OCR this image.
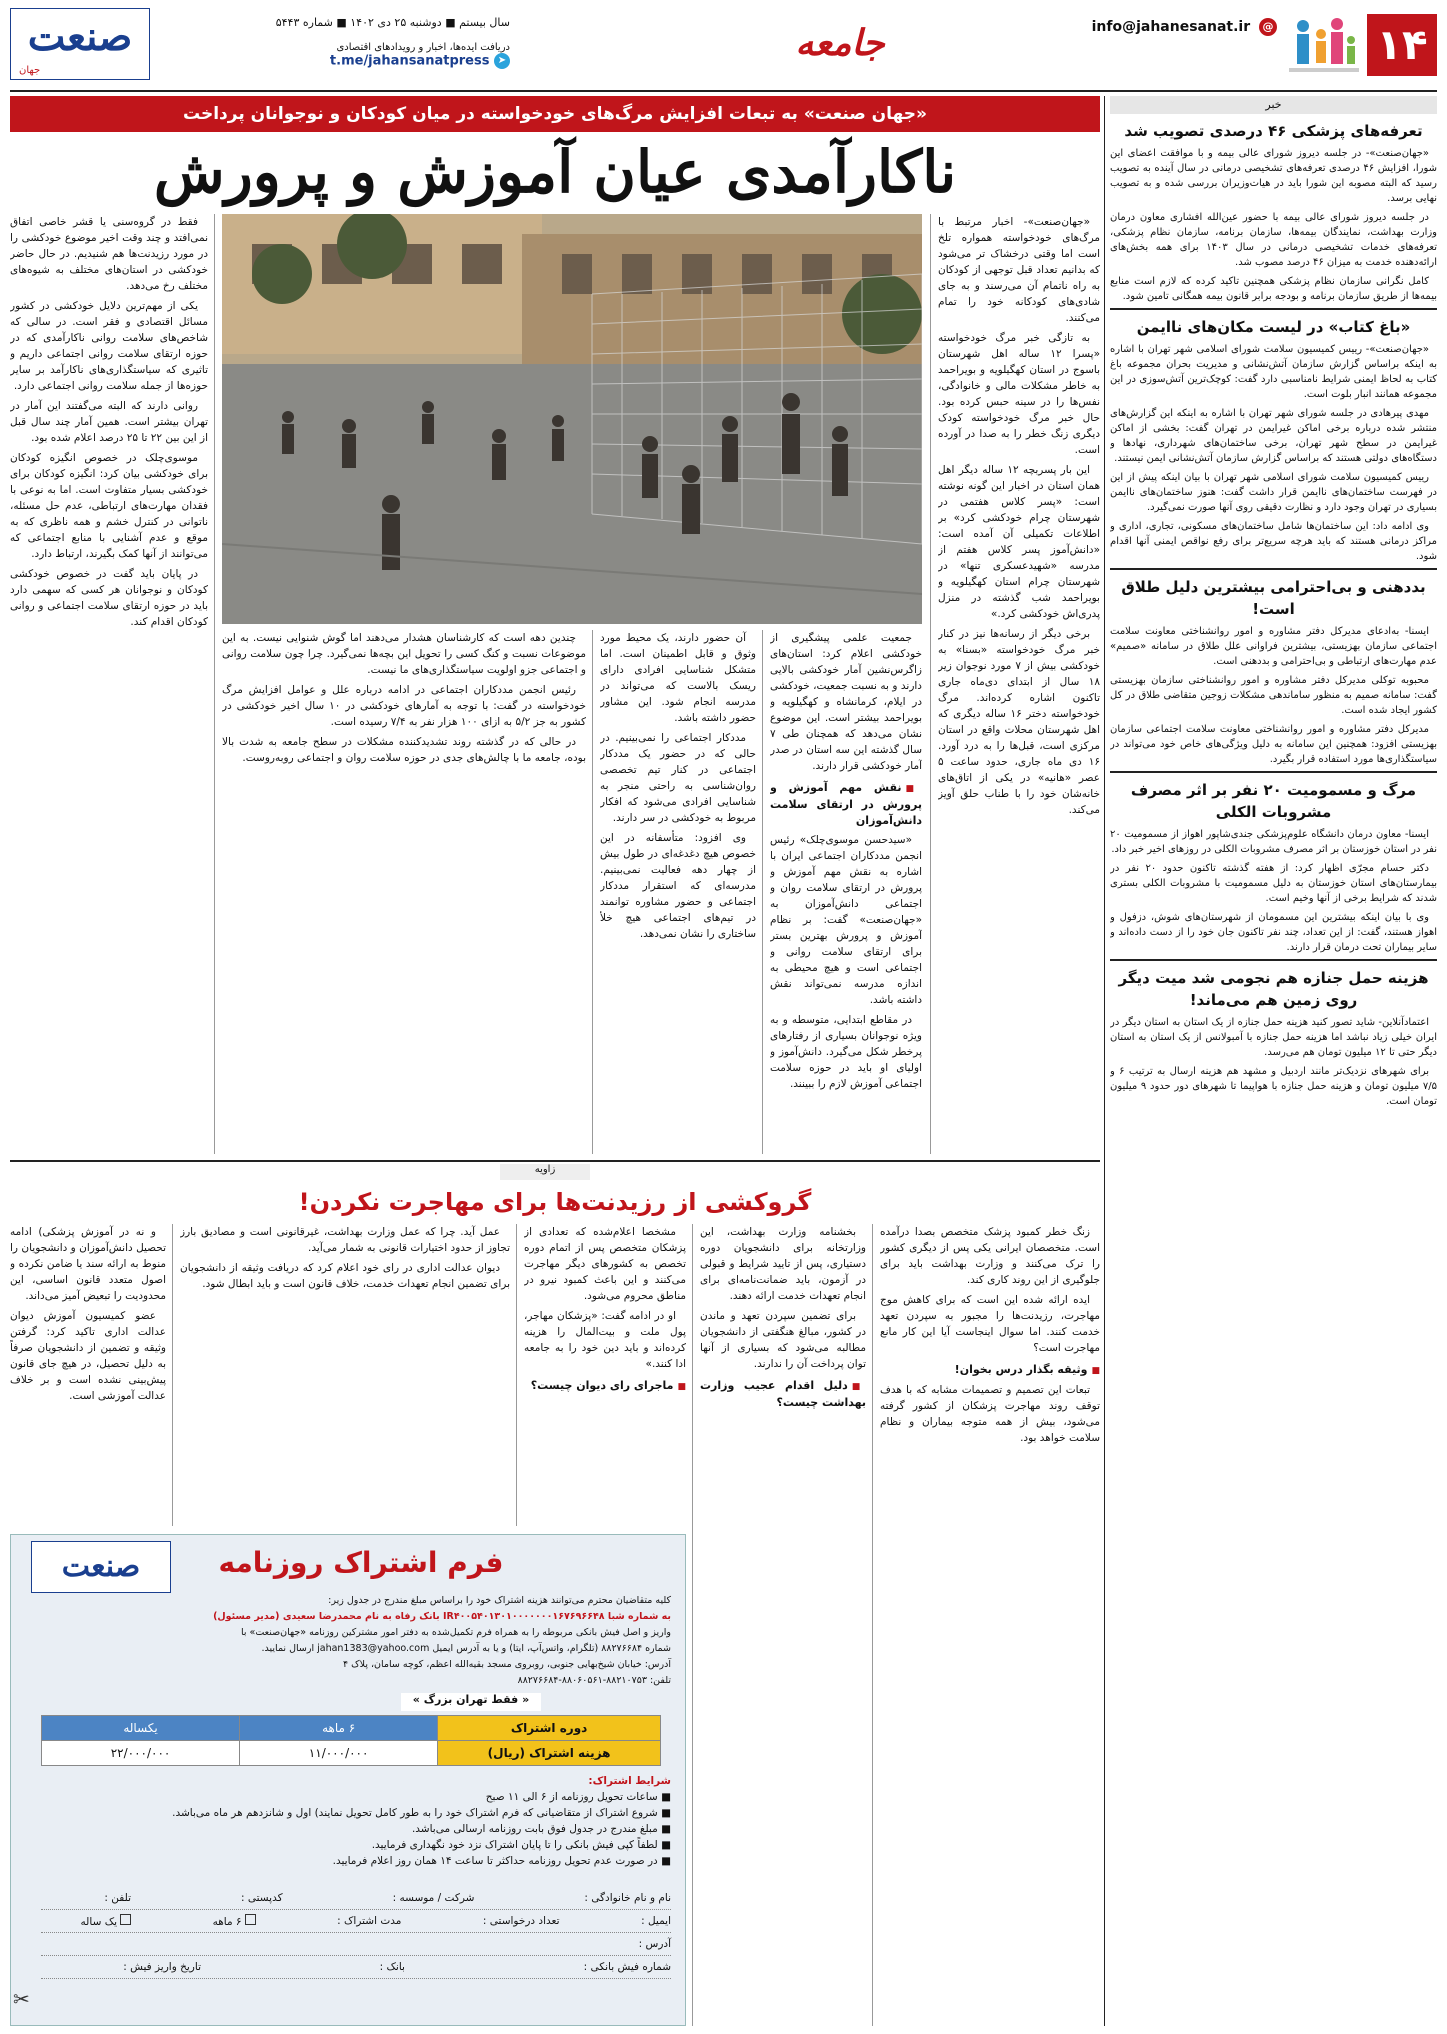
۱۴
info@jahanesanat.ir @
جامعه
سال بیستم ■ دوشنبه ۲۵ دی ۱۴۰۲ ■ شماره ۵۴۴۳
دریافت ایده‌ها، اخبار و رویدادهای اقتصادی
t.me/jahansanatpress ➤
صنعت
جهان
«جهان صنعت» به تبعات افزایش مرگ‌های خودخواسته در میان کودکان و نوجوانان پرداخت
ناکارآمدی عیان آموزش و پرورش

«جهان‌صنعت»- اخبار مرتبط با مرگ‌های خودخواسته همواره تلخ است اما وقتی درخشاک تر می‌شود که بدانیم تعداد قبل توجهی از کودکان به راه ناتمام آن می‌رسند و به جای شادی‌های کودکانه خود را تمام می‌کنند.

به تازگی خبر مرگ خودخواسته «پسرا ۱۲ ساله اهل شهرستان باسوج در استان کهگیلویه و بویراحمد به خاطر مشکلات مالی و خانوادگی، نفس‌ها را در سینه حبس کرده بود. حال خبر مرگ خودخواسته کودک دیگری زنگ خطر را به صدا در آورده است.

این بار پسربچه ۱۲ ساله دیگر اهل همان استان در اخبار این گونه نوشته است: «پسر کلاس هفتمی در شهرستان چرام خودکشی کرد» بر اطلاعات تکمیلی آن آمده است: «دانش‌آموز پسر کلاس هفتم از مدرسه «شهیدعسکری تنها» در شهرستان چرام استان کهگیلویه و بویراحمد شب گذشته در منزل پدری‌اش خودکشی کرد.»

برخی دیگر از رسانه‌ها نیز در کنار خبر مرگ خودخواسته «بسنا» به خودکشی بیش از ۷ مورد نوجوان زیر ۱۸ سال از ابتدای دی‌ماه جاری تاکنون اشاره کرده‌اند. مرگ خودخواسته دختر ۱۶ ساله دیگری که اهل شهرستان محلات واقع در استان مرکزی است، قبل‌ها را به درد آورد. ۱۶ دی ماه جاری، حدود ساعت ۵ عصر «هانیه» در یکی از اتاق‌های خانه‌شان خود را با طناب حلق آویز می‌کند.

جمعیت علمی پیشگیری از خودکشی اعلام کرد: استان‌های زاگرس‌نشین آمار خودکشی بالایی دارند و به نسبت جمعیت، خودکشی در ایلام، کرمانشاه و کهگیلویه و بویراحمد بیشتر است. این موضوع نشان می‌دهد که همچنان طی ۷ سال گذشته این سه استان در صدر آمار خودکشی قرار دارند.

■ نقش مهم آموزش و پرورش در ارتقای سلامت دانش‌آموزان

«سیدحسن موسوی‌چلک» رئیس انجمن مددکاران اجتماعی ایران با اشاره به نقش مهم آموزش و پرورش در ارتقای سلامت روان و اجتماعی دانش‌آموزان به «جهان‌صنعت» گفت: بر نظام آموزش و پرورش بهترین بستر برای ارتقای سلامت روانی و اجتماعی است و هیچ محیطی به اندازه مدرسه نمی‌تواند نقش داشته باشد.

در مقاطع ابتدایی، متوسطه و به ویژه نوجوانان بسیاری از رفتارهای پرخطر شکل می‌گیرد. دانش‌آموز و اولیای او باید در حوزه سلامت اجتماعی آموزش لازم را ببینند.

آن حضور دارند، یک محیط مورد وثوق و قابل اطمینان است. اما متشکل شناسایی افرادی دارای ریسک بالاست که می‌تواند در مدرسه انجام شود. این مشاور حضور داشته باشد.

مددکار اجتماعی را نمی‌بینیم. در حالی که در حضور یک مددکار اجتماعی در کنار تیم تخصصی روان‌شناسی به راحتی منجر به شناسایی افرادی می‌شود که افکار مربوط به خودکشی در سر دارند.

وی افزود: متأسفانه در این خصوص هیچ دغدغه‌ای در طول بیش از چهار دهه فعالیت نمی‌بینیم. مدرسه‌ای که استقرار مددکار اجتماعی و حضور مشاوره توانمند در تیم‌های اجتماعی هیچ خلأ ساختاری را نشان نمی‌دهد.

چندین دهه است که کارشناسان هشدار می‌دهند اما گوش شنوایی نیست. به این موضوعات نسبت و کنگ کسی را تحویل این بچه‌ها نمی‌گیرد. چرا چون سلامت روانی و اجتماعی جزو اولویت سیاستگذاری‌های ما نیست.

رئیس انجمن مددکاران اجتماعی در ادامه درباره علل و عوامل افزایش مرگ خودخواسته در گفت: با توجه به آمارهای خودکشی در ۱۰ سال اخیر خودکشی در کشور به جز ۵/۲ به ازای ۱۰۰ هزار نفر به ۷/۴ رسیده است.

در حالی که در گذشته روند تشدیدکننده مشکلات در سطح جامعه به شدت بالا بوده، جامعه ما با چالش‌های جدی در حوزه سلامت روان و اجتماعی روبه‌روست.

فقط در گروه‌سنی یا قشر خاصی اتفاق نمی‌افتد و چند وقت اخیر موضوع خودکشی را در مورد رزیدنت‌ها هم شنیدیم. در حال حاضر خودکشی در استان‌های مختلف به شیوه‌های مختلف رخ می‌دهد.

یکی از مهم‌ترین دلایل خودکشی در کشور مسائل اقتصادی و فقر است. در سالی که شاخص‌های سلامت روانی ناکارآمدی که در حوزه ارتقای سلامت روانی اجتماعی داریم و تاثیری که سیاستگذاری‌های ناکارآمد بر سایر حوزه‌ها از جمله سلامت روانی اجتماعی دارد.

روانی دارند که البته می‌گفتند این آمار در تهران بیشتر است. همین آمار چند سال قبل از این بین ۲۲ تا ۲۵ درصد اعلام شده بود.

موسوی‌چلک در خصوص انگیزه کودکان برای خودکشی بیان کرد: انگیزه کودکان برای خودکشی بسیار متفاوت است. اما به نوعی با فقدان مهارت‌های ارتباطی، عدم حل مسئله، ناتوانی در کنترل خشم و همه ناظری که به موقع و عدم آشنایی با منابع اجتماعی که می‌توانند از آنها کمک بگیرند، ارتباط دارد.

در پایان باید گفت در خصوص خودکشی کودکان و نوجوانان هر کسی که سهمی دارد باید در حوزه ارتقای سلامت اجتماعی و روانی کودکان اقدام کند.

خبر
تعرفه‌های پزشکی ۴۶ درصدی تصویب شد

«جهان‌صنعت»- در جلسه دیروز شورای عالی بیمه و با موافقت اعضای این شورا، افزایش ۴۶ درصدی تعرفه‌های تشخیصی درمانی در سال آینده به تصویب رسید که البته مصوبه این شورا باید در هیات‌وزیران بررسی شده و به تصویب نهایی برسد.

در جلسه دیروز شورای عالی بیمه با حضور عین‌الله افشاری معاون درمان وزارت بهداشت، نمایندگان بیمه‌ها، سازمان برنامه، سازمان نظام پزشکی، تعرفه‌های خدمات تشخیصی درمانی در سال ۱۴۰۳ برای همه بخش‌های ارائه‌دهنده خدمت به میزان ۴۶ درصد مصوب شد.

کامل نگرانی سازمان نظام پزشکی همچنین تاکید کرده که لازم است منابع بیمه‌ها از طریق سازمان برنامه و بودجه برابر قانون بیمه همگانی تامین شود.

«باغ کتاب» در لیست مکان‌های ناایمن

«جهان‌صنعت»- رییس کمیسیون سلامت شورای اسلامی شهر تهران با اشاره به اینکه براساس گزارش سازمان آتش‌نشانی و مدیریت بحران مجموعه باغ کتاب به لحاظ ایمنی شرایط نامناسبی دارد گفت: کوچک‌ترین آتش‌سوزی در این مجموعه همانند انبار بلوت است.

مهدی پیرهادی در جلسه شورای شهر تهران با اشاره به اینکه این گزارش‌های منتشر شده درباره برخی اماکن غیرایمن در تهران گفت: بخشی از اماکن غیرایمن در سطح شهر تهران، برخی ساختمان‌های شهرداری، نهادها و دستگاه‌های دولتی هستند که براساس گزارش سازمان آتش‌نشانی ایمن نیستند.

رییس کمیسیون سلامت شورای اسلامی شهر تهران با بیان اینکه پیش از این در فهرست ساختمان‌های ناایمن قرار داشت گفت: هنوز ساختمان‌های ناایمن بسیاری در تهران وجود دارد و نظارت دقیقی روی آنها صورت نمی‌گیرد.

وی ادامه داد: این ساختمان‌ها شامل ساختمان‌های مسکونی، تجاری، اداری و مراکز درمانی هستند که باید هرچه سریع‌تر برای رفع نواقص ایمنی آنها اقدام شود.

بددهنی و بی‌احترامی بیشترین دلیل طلاق است!

ایسنا- به‌ادعای مدیرکل دفتر مشاوره و امور روانشناختی معاونت سلامت اجتماعی سازمان بهزیستی، بیشترین فراوانی علل طلاق در سامانه «صمیم» عدم مهارت‌های ارتباطی و بی‌احترامی و بددهنی است.

محبوبه توکلی مدیرکل دفتر مشاوره و امور روانشناختی سازمان بهزیستی گفت: سامانه صمیم به منظور ساماندهی مشکلات زوجین متقاضی طلاق در کل کشور ایجاد شده است.

مدیرکل دفتر مشاوره و امور روانشناختی معاونت سلامت اجتماعی سازمان بهزیستی افزود: همچنین این سامانه به دلیل ویژگی‌های خاص خود می‌تواند در سیاستگذاری‌ها مورد استفاده قرار بگیرد.

مرگ و مسمومیت ۲۰ نفر بر اثر مصرف مشروبات الکلی

ایسنا- معاون درمان دانشگاه علوم‌پزشکی جندی‌شاپور اهواز از مسمومیت ۲۰ نفر در استان خوزستان بر اثر مصرف مشروبات الکلی در روزهای اخیر خبر داد.

دکتر حسام مجرّی اظهار کرد: از هفته گذشته تاکنون حدود ۲۰ نفر در بیمارستان‌های استان خوزستان به دلیل مسمومیت با مشروبات الکلی بستری شدند که شرایط برخی از آنها وخیم است.

وی با بیان اینکه بیشترین این مسمومان از شهرستان‌های شوش، دزفول و اهواز هستند، گفت: از این تعداد، چند نفر تاکنون جان خود را از دست داده‌اند و سایر بیماران تحت درمان قرار دارند.

هزینه حمل جنازه هم نجومی شد میت دیگر روی زمین هم می‌ماند!

اعتمادآنلاین- شاید تصور کنید هزینه حمل جنازه از یک استان به استان دیگر در ایران خیلی زیاد نباشد اما هزینه حمل جنازه با آمبولانس از یک استان به استان دیگر حتی تا ۱۲ میلیون تومان هم می‌رسد.

برای شهرهای نزدیک‌تر مانند اردبیل و مشهد هم هزینه ارسال به ترتیب ۶ و ۷/۵ میلیون تومان و هزینه حمل جنازه با هواپیما تا شهرهای دور حدود ۹ میلیون تومان است.

زاویه
گروکشی از رزیدنت‌ها برای مهاجرت نکردن!

زنگ خطر کمبود پزشک متخصص بصدا درآمده است. متخصصان ایرانی یکی پس از دیگری کشور را ترک می‌کنند و وزارت بهداشت باید برای جلوگیری از این روند کاری کند.

ایده ارائه شده این است که برای کاهش موج مهاجرت، رزیدنت‌ها را مجبور به سپردن تعهد خدمت کنند. اما سوال اینجاست آیا این کار مانع مهاجرت است؟

■ وثیقه بگذار درس بخوان!

تبعات این تصمیم و تصمیمات مشابه که با هدف توقف روند مهاجرت پزشکان از کشور گرفته می‌شود، بیش از همه متوجه بیماران و نظام سلامت خواهد بود.

بخشنامه وزارت بهداشت، این وزارتخانه برای دانشجویان دوره دستیاری، پس از تایید شرایط و قبولی در آزمون، باید ضمانت‌نامه‌ای برای انجام تعهدات خدمت ارائه دهند.

برای تضمین سپردن تعهد و ماندن در کشور، مبالغ هنگفتی از دانشجویان مطالبه می‌شود که بسیاری از آنها توان پرداخت آن را ندارند.

■ دلیل اقدام عجیب وزارت بهداشت چیست؟

مشخصا اعلام‌شده که تعدادی از پزشکان متخصص پس از اتمام دوره تخصص به کشورهای دیگر مهاجرت می‌کنند و این باعث کمبود نیرو در مناطق محروم می‌شود.

او در ادامه گفت: «پزشکان مهاجر، پول ملت و بیت‌المال را هزینه کرده‌اند و باید دین خود را به جامعه ادا کنند.»

■ ماجرای رای دیوان چیست؟

عمل آید. چرا که عمل وزارت بهداشت، غیرقانونی است و مصادیق بارز تجاوز از حدود اختیارات قانونی به شمار می‌آید.

دیوان عدالت اداری در رای خود اعلام کرد که دریافت وثیقه از دانشجویان برای تضمین انجام تعهدات خدمت، خلاف قانون است و باید ابطال شود.

و نه در آموزش پزشکی) ادامه تحصیل دانش‌آموزان و دانشجویان را منوط به ارائه سند یا ضامن نکرده و اصول متعدد قانون اساسی، این محدودیت را تبعیض آمیز می‌داند.

عضو کمیسیون آموزش دیوان عدالت اداری تاکید کرد: گرفتن وثیقه و تضمین از دانشجویان صرفاً به دلیل تحصیل، در هیچ جای قانون پیش‌بینی نشده است و بر خلاف عدالت آموزشی است.

فرم اشتراک روزنامه
صنعت
کلیه متقاضیان محترم می‌توانند هزینه اشتراک خود را براساس مبلغ مندرج در جدول زیر:
به شماره شبا IR۴۰۰۵۴۰۱۳۰۱۰۰۰۰۰۰۰۱۶۷۶۹۶۶۴۸ بانک رفاه به نام محمدرضا سعیدی (مدیر مسئول)
واریز و اصل فیش بانکی مربوطه را به همراه فرم تکمیل‌شده به دفتر امور مشترکین روزنامه «جهان‌صنعت» با
شماره ۸۸۲۷۶۶۸۴ (تلگرام، واتس‌آپ، ایتا) و یا به آدرس ایمیل jahan1383@yahoo.com ارسال نمایید.
آدرس: خیابان شیخ‌بهایی جنوبی، روبروی مسجد بقیه‌الله اعظم، کوچه سامان، پلاک ۴
تلفن: ۸۸۲۱۰۷۵۳-۸۸۰۶۰۵۶۱-۸۸۲۷۶۶۸۴
« فقط تهران بزرگ »
دوره اشتراک	۶ ماهه	یکساله
هزینه اشتراک (ریال)	۱۱/۰۰۰/۰۰۰	۲۲/۰۰۰/۰۰۰
شرایط اشتراک:
■ ساعات تحویل روزنامه از ۶ الی ۱۱ صبح
■ شروع اشتراک از متقاضیانی که فرم اشتراک خود را به طور کامل تحویل نمایند) اول و شانزدهم هر ماه می‌باشد.
■ مبلغ مندرج در جدول فوق بابت روزنامه ارسالی می‌باشد.
■ لطفاً کپی فیش بانکی را تا پایان اشتراک نزد خود نگهداری فرمایید.
■ در صورت عدم تحویل روزنامه حداکثر تا ساعت ۱۴ همان روز اعلام فرمایید.
نام و نام خانوادگی :
شرکت / موسسه :
کدپستی :
تلفن :
ایمیل :
تعداد درخواستی :
مدت اشتراک :
۶ ماهه
یک ساله
آدرس :
شماره فیش بانکی :
بانک :
تاریخ واریز فیش :
✂
